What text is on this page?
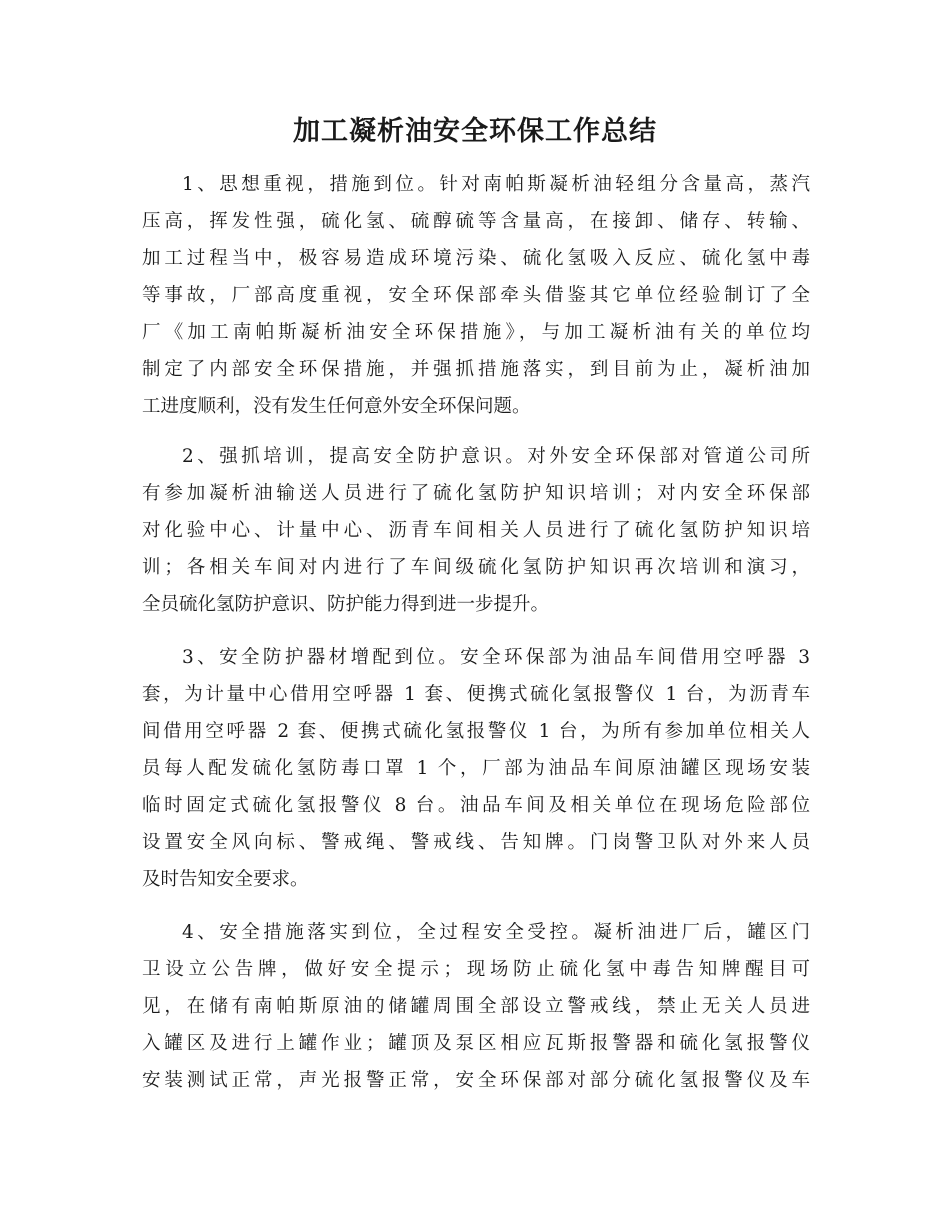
加工凝析油安全环保工作总结

1、思想重视，措施到位。针对南帕斯凝析油轻组分含量高，蒸汽
压高，挥发性强，硫化氢、硫醇硫等含量高，在接卸、储存、转输、
加工过程当中，极容易造成环境污染、硫化氢吸入反应、硫化氢中毒
等事故，厂部高度重视，安全环保部牵头借鉴其它单位经验制订了全
厂《加工南帕斯凝析油安全环保措施》，与加工凝析油有关的单位均
制定了内部安全环保措施，并强抓措施落实，到目前为止，凝析油加
工进度顺利，没有发生任何意外安全环保问题。

2、强抓培训，提高安全防护意识。对外安全环保部对管道公司所
有参加凝析油输送人员进行了硫化氢防护知识培训；对内安全环保部
对化验中心、计量中心、沥青车间相关人员进行了硫化氢防护知识培
训；各相关车间对内进行了车间级硫化氢防护知识再次培训和演习，
全员硫化氢防护意识、防护能力得到进一步提升。

3、安全防护器材增配到位。安全环保部为油品车间借用空呼器 3
套，为计量中心借用空呼器 1 套、便携式硫化氢报警仪 1 台，为沥青车
间借用空呼器 2 套、便携式硫化氢报警仪 1 台，为所有参加单位相关人
员每人配发硫化氢防毒口罩 1 个，厂部为油品车间原油罐区现场安装
临时固定式硫化氢报警仪 8 台。油品车间及相关单位在现场危险部位
设置安全风向标、警戒绳、警戒线、告知牌。门岗警卫队对外来人员
及时告知安全要求。

4、安全措施落实到位，全过程安全受控。凝析油进厂后，罐区门
卫设立公告牌，做好安全提示；现场防止硫化氢中毒告知牌醒目可
见，在储有南帕斯原油的储罐周围全部设立警戒线，禁止无关人员进
入罐区及进行上罐作业；罐顶及泵区相应瓦斯报警器和硫化氢报警仪
安装测试正常，声光报警正常，安全环保部对部分硫化氢报警仪及车
